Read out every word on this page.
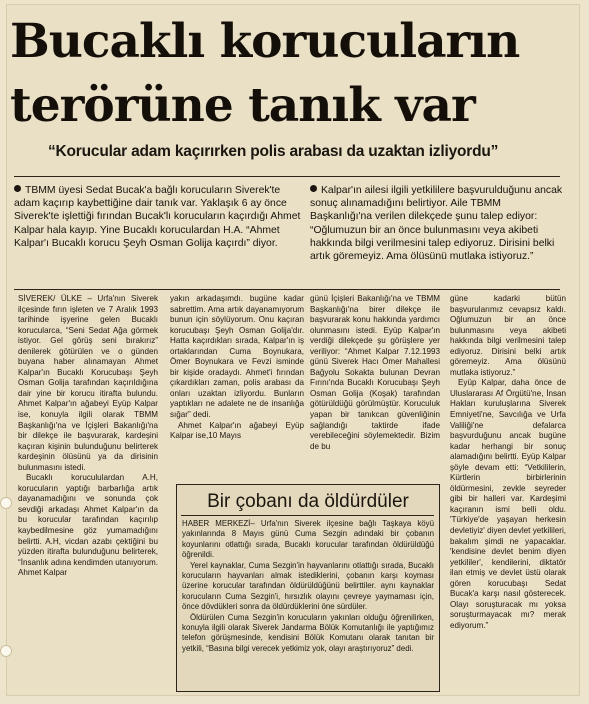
Bucaklı korucuların
terörüne tanık var
“Korucular adam kaçırırken polis arabası da uzaktan izliyordu”

TBMM üyesi Sedat Bucak'a bağlı korucuların Siverek'te adam kaçırıp kaybettiğine dair tanık var. Yaklaşık 6 ay önce Siverek'te işlettiği fırından Bucak'lı korucuların kaçırdığı Ahmet Kalpar hala kayıp. Yine Bucaklı koruculardan H.A. “Ahmet Kalpar'ı Bucaklı korucu Şeyh Osman Golija kaçırdı” diyor.

Kalpar'ın ailesi ilgili yetkililere başvurulduğunu ancak sonuç alınamadığını belirtiyor. Aile TBMM Başkanlığı'na verilen dilekçede şunu talep ediyor: “Oğlumuzun bir an önce bulunmasını veya akibeti hakkında bilgi verilmesini talep ediyoruz. Dirisini belki artık göremeyiz. Ama ölüsünü mutlaka istiyoruz.”

SİVEREK/ ÜLKE – Urfa'nın Siverek ilçesinde fırın işleten ve 7 Aralık 1993 tarihinde işyerine gelen Bucaklı korucularca, “Seni Sedat Ağa görmek istiyor. Gel görüş seni bırakırız” denilerek götürülen ve o günden buyana haber alınamayan Ahmet Kalpar'ın Bucaklı Korucubaşı Şeyh Osman Golija tarafından kaçırıldığına dair yine bir korucu itirafta bulundu. Ahmet Kalpar'ın ağabeyi Eyüp Kalpar ise, konuyla ilgili olarak TBMM Başkanlığı'na ve İçişleri Bakanlığı'na bir dilekçe ile başvurarak, kardeşini kaçıran kişinin bulunduğunu belirterek kardeşinin ölüsünü ya da dirisinin bulunmasını istedi.

Bucaklı korucululardan A.H, korucuların yaptığı barbarlığa artık dayanamadığını ve sonunda çok sevdiği arkadaşı Ahmet Kalpar'ın da bu korucular tarafından kaçırılıp kaybedilmesine göz yumamadığını belirtti. A.H, vicdan azabı çektiğini bu yüzden itirafta bulunduğunu belirterek, “İnsanlık adına kendimden utanıyorum. Ahmet Kalpar

yakın arkadaşımdı. bugüne kadar sabrettim. Ama artık dayanamıyorum bunun için söylüyorum. Onu kaçıran korucubaşı Şeyh Osman Golija'dır. Hatta kaçırdıkları sırada, Kalpar'ın iş ortaklarından Cuma Boynukara, Ömer Boynukara ve Fevzi isminde bir kişide oradaydı. Ahmet'i fırından çıkardıkları zaman, polis arabası da onları uzaktan izliyordu. Bunların yaptıkları ne adalete ne de insanlığa sığar” dedi.

Ahmet Kalpar'ın ağabeyi Eyüp Kalpar ise,10 Mayıs

günü İçişleri Bakanlığı'na ve TBMM Başkanlığı'na birer dilekçe ile başvurarak konu hakkında yardımcı olunmasını istedi. Eyüp Kalpar'ın verdiği dilekçede şu görüşlere yer veriliyor: “Ahmet Kalpar 7.12.1993 günü Siverek Hacı Ömer Mahallesi Bağyolu Sokakta bulunan Devran Fırını'nda Bucaklı Korucubaşı Şeyh Osman Golija (Koşak) tarafından götürüldüğü görülmüştür. Koruculuk yapan bir tanıkcan güvenliğinin sağlandığı taktirde ifade verebileceğini söylemektedir. Bizim de bu

güne kadarki bütün başvurularımız cevapsız kaldı. Oğlumuzun bir an önce bulunmasını veya akibeti hakkında bilgi verilmesini talep ediyoruz. Dirisini belki artık göremeyiz. Ama ölüsünü mutlaka istiyoruz.”

Eyüp Kalpar, daha önce de Uluslararası Af Örgütü'ne, İnsan Hakları kuruluşlarına Siverek Emniyeti'ne, Savcılığa ve Urfa Valiliği'ne defalarca başvurduğunu ancak bugüne kadar herhangi bir sonuç alamadığını belirtti. Eyüp Kalpar şöyle devam etti: “Vetkililerin, Kürtlerin birbirlerinin öldürmesini, zevkle seyreder gibi bir halleri var. Kardeşimi kaçıranın ismi belli oldu. 'Türkiye'de yaşayan herkesin devletiyiz' diyen devlet yetkilileri, bakalım şimdi ne yapacaklar. 'kendisine devlet benim diyen yetkililer', kendilerini, diktatör ilan etmiş ve devlet üstü olarak gören korucubaşı Sedat Bucak'a karşı nasıl gösterecek. Olayı soruşturacak mı yoksa soruşturmayacak mı? merak ediyorum.”

Bir çobanı da öldürdüler

HABER MERKEZİ– Urfa'nın Siverek ilçesine bağlı Taşkaya köyü yakınlarında 8 Mayıs günü Cuma Sezgin adındaki bir çobanın koyunlarını otlattığı sırada, Bucaklı korucular tarafından öldürüldüğü öğrenildi.

Yerel kaynaklar, Cuma Sezgin'in hayvanlarını otlattığı sırada, Bucaklı korucuların hayvanları almak istediklerini, çobanın karşı koyması üzerine korucular tarafından öldürüldüğünü belirttiler. aynı kaynaklar korucuların Cuma Sezgin'i, hırsızlık olayını çevreye yaymaması için, önce dövdükleri sonra da öldürdüklerini öne sürdüler.

Öldürülen Cuma Sezgin'in korucuların yakınları olduğu öğrenilirken, konuyla ilgili olarak Siverek Jandarma Bölük Komutanlığı ile yaptığımız telefon görüşmesinde, kendisini Bölük Komutanı olarak tanıtan bir yetkili, “Basına bilgi verecek yetkimiz yok, olayı araştırıyoruz” dedi.
